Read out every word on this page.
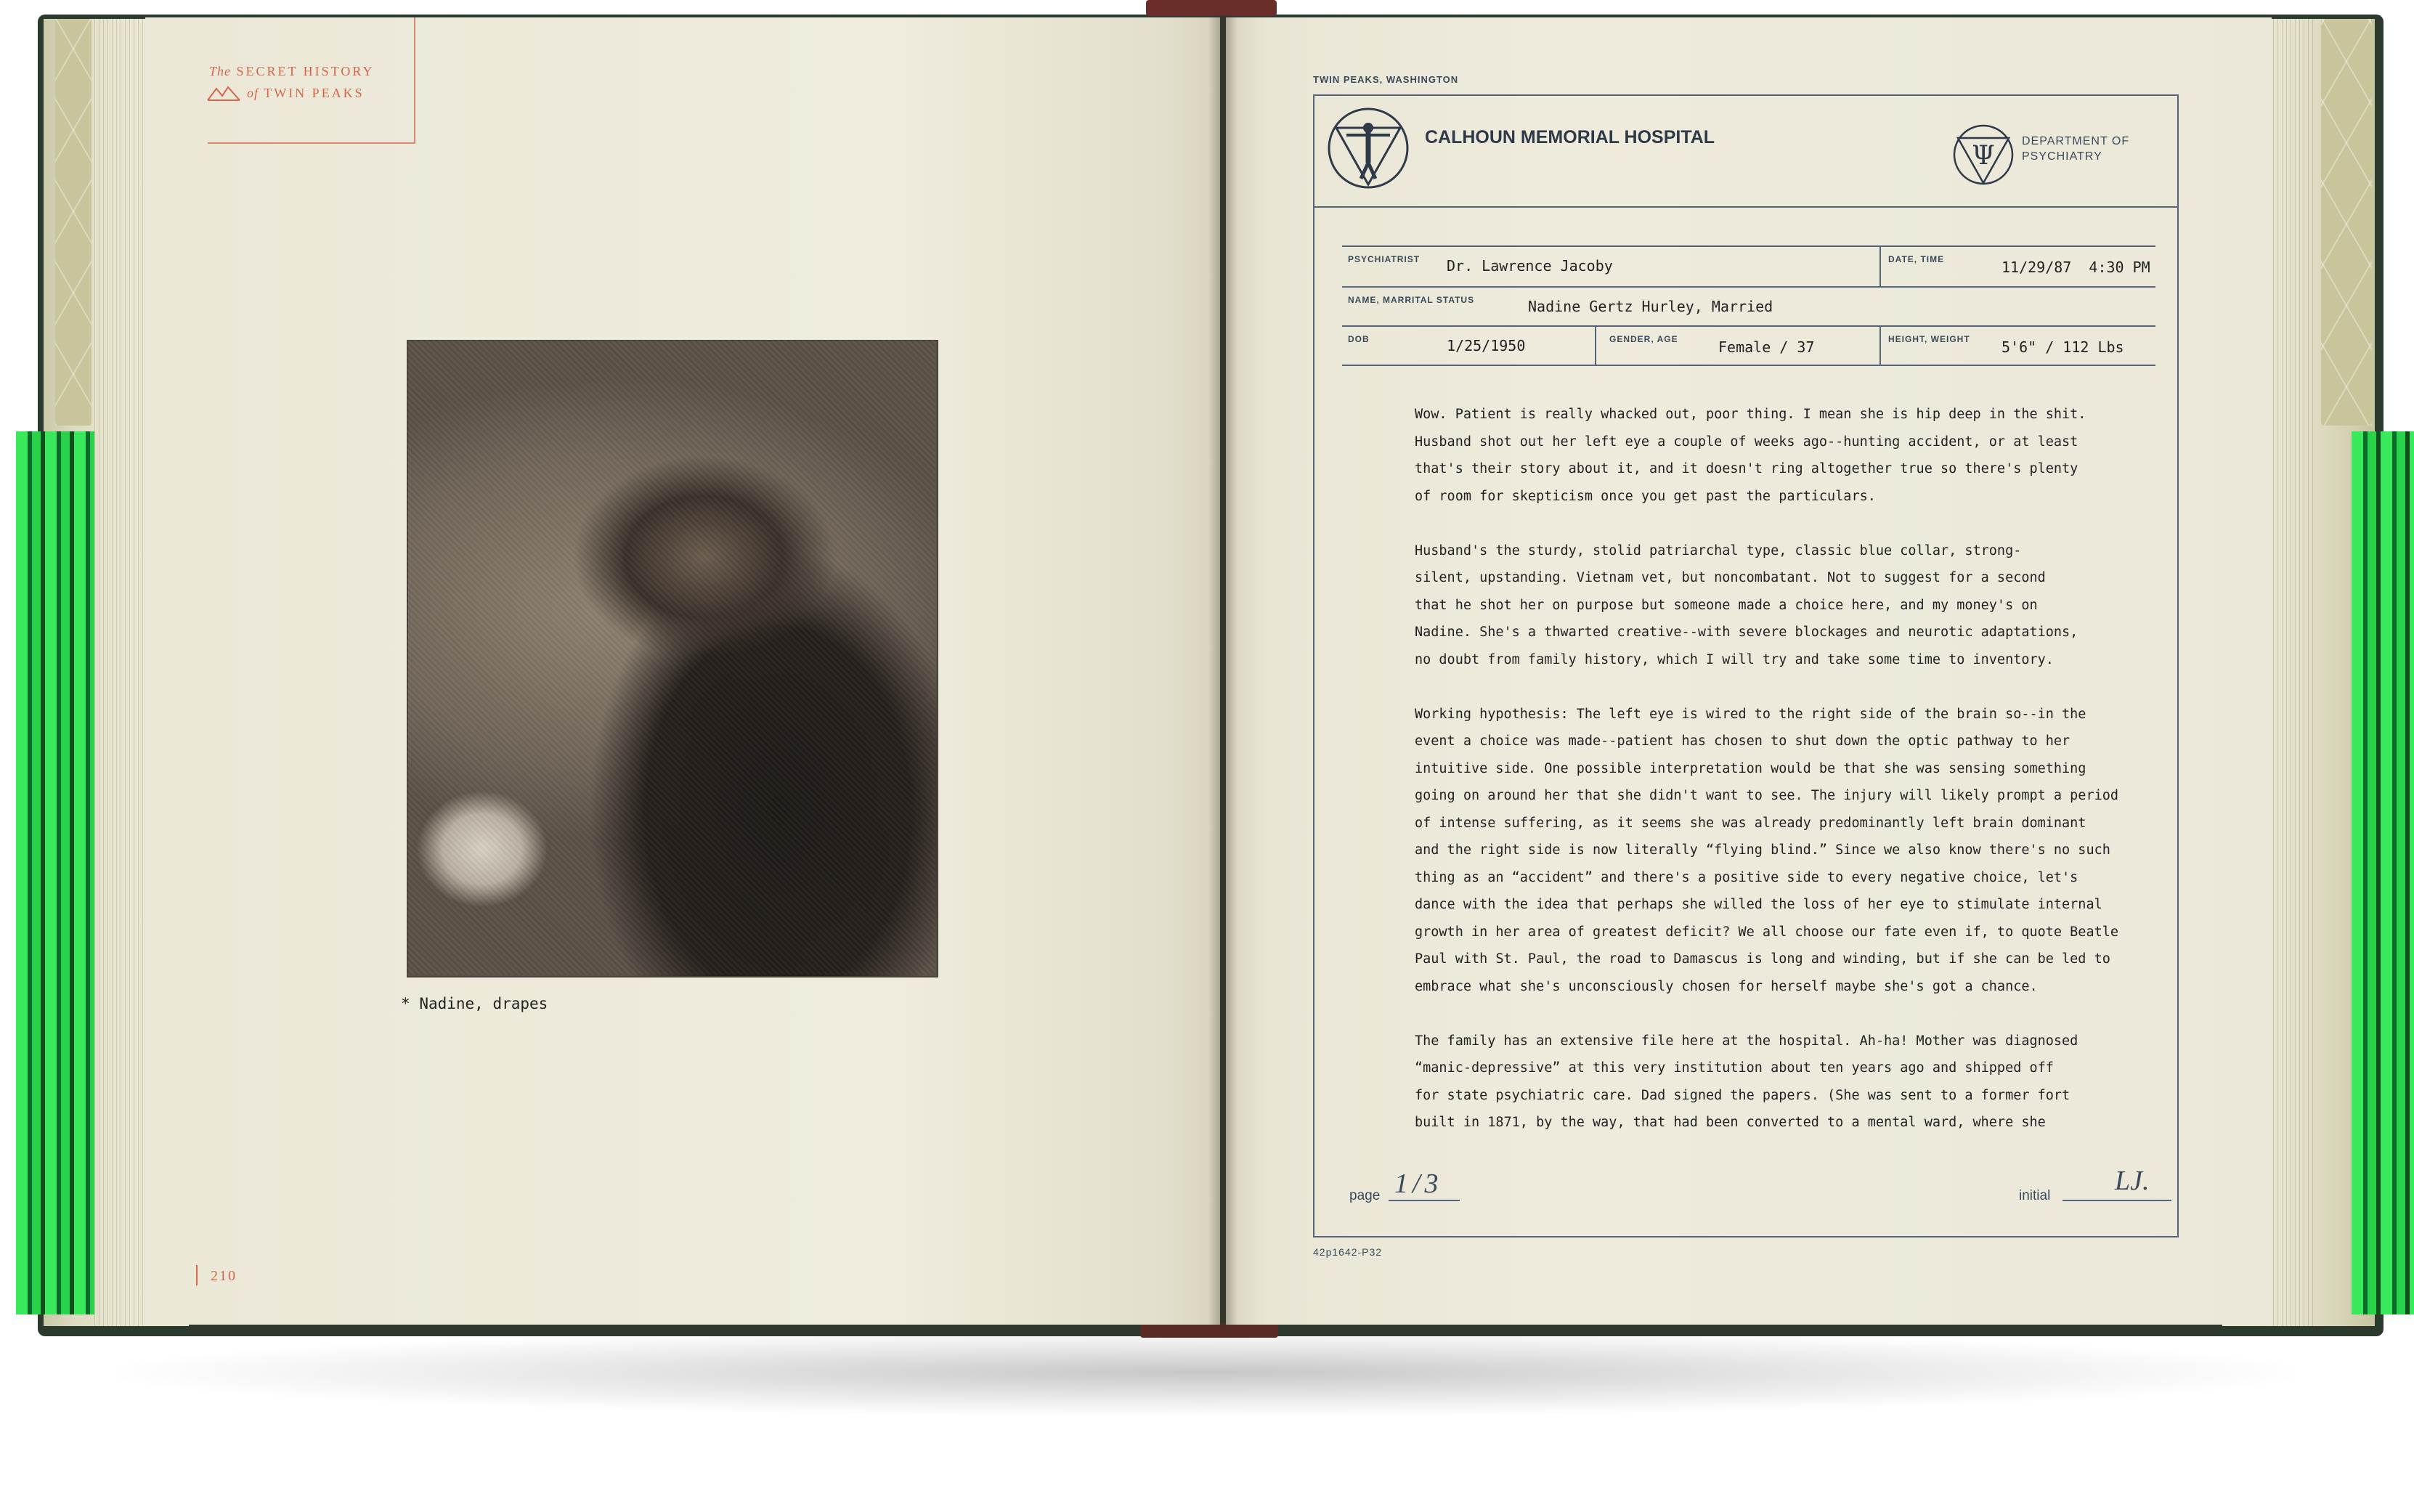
The SECRET HISTORY
of TWIN PEAKS
* Nadine, drapes
210
TWIN PEAKS, WASHINGTON
CALHOUN MEMORIAL HOSPITAL
Ψ DEPARTMENT OF PSYCHIATRY
PSYCHIATRIST Dr. Lawrence Jacoby	DATE, TIME	11/29/87  4:30 PM
NAME, MARRITAL STATUS	Nadine Gertz Hurley, Married
DOB	1/25/1950	GENDER, AGE	Female / 37	HEIGHT, WEIGHT 5'6" / 112 Lbs

Wow. Patient is really whacked out, poor thing. I mean she is hip deep in the shit.
Husband shot out her left eye a couple of weeks ago--hunting accident, or at least
that's their story about it, and it doesn't ring altogether true so there's plenty
of room for skepticism once you get past the particulars.

Husband's the sturdy, stolid patriarchal type, classic blue collar, strong-
silent, upstanding. Vietnam vet, but noncombatant. Not to suggest for a second
that he shot her on purpose but someone made a choice here, and my money's on
Nadine. She's a thwarted creative--with severe blockages and neurotic adaptations,
no doubt from family history, which I will try and take some time to inventory.

Working hypothesis: The left eye is wired to the right side of the brain so--in the
event a choice was made--patient has chosen to shut down the optic pathway to her
intuitive side. One possible interpretation would be that she was sensing something
going on around her that she didn't want to see. The injury will likely prompt a period
of intense suffering, as it seems she was already predominantly left brain dominant
and the right side is now literally “flying blind.” Since we also know there's no such
thing as an “accident” and there's a positive side to every negative choice, let's
dance with the idea that perhaps she willed the loss of her eye to stimulate internal
growth in her area of greatest deficit? We all choose our fate even if, to quote Beatle
Paul with St. Paul, the road to Damascus is long and winding, but if she can be led to
embrace what she's unconsciously chosen for herself maybe she's got a chance.

The family has an extensive file here at the hospital. Ah-ha! Mother was diagnosed
“manic-depressive” at this very institution about ten years ago and shipped off
for state psychiatric care. Dad signed the papers. (She was sent to a former fort
built in 1871, by the way, that had been converted to a mental ward, where she

page 1/3	initial LJ.
42p1642-P32
